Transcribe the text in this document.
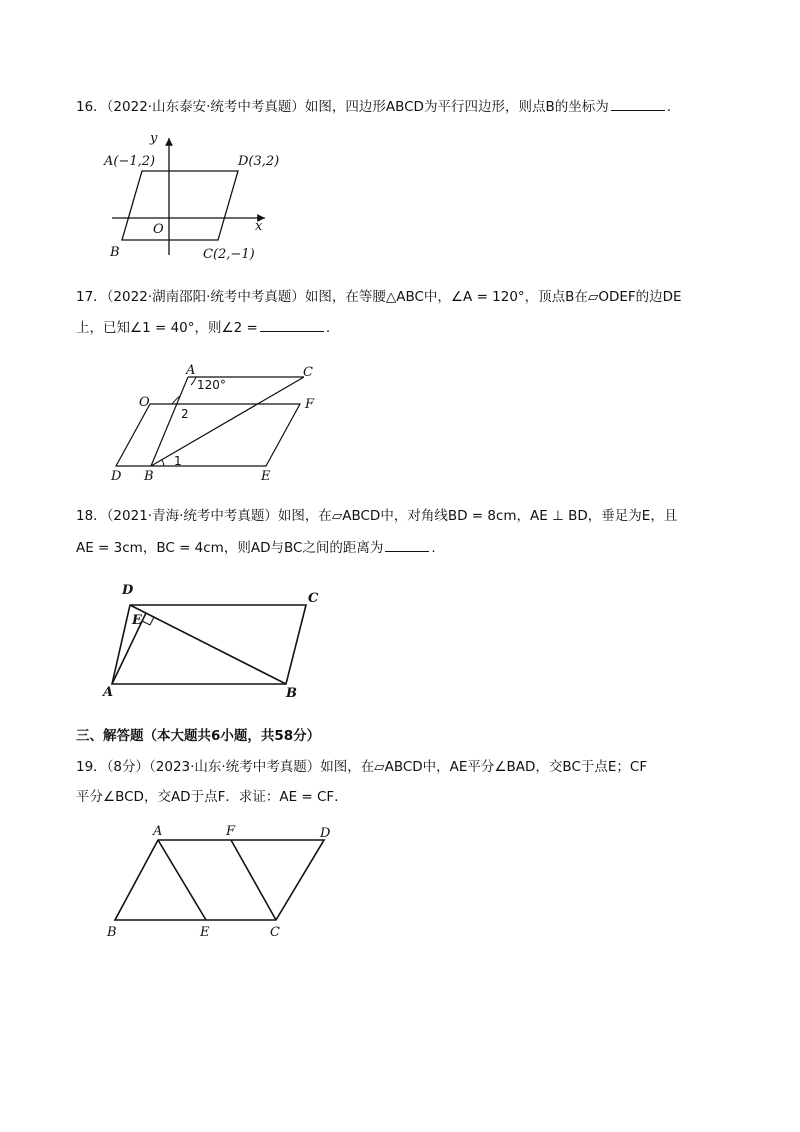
16．（2022·山东泰安·统考中考真题）如图，四边形ABCD为平行四边形，则点B的坐标为	.
y
x
A(−1,2)	D(3,2)
O
B	C(2,−1)
17．（2022·湖南邵阳·统考中考真题）如图，在等腰△ABC中，∠A = 120°，顶点B在▱ODEF的边DE
上，已知∠1 = 40°，则∠2 =	.
A	C
120°
O	F
2
1
D B	E
18．（2021·青海·统考中考真题）如图，在▱ABCD中，对角线BD = 8cm，AE ⊥ BD，垂足为E，且
AE = 3cm，BC = 4cm，则AD与BC之间的距离为	.
D
C
E
A	B
三、解答题（本大题共6小题，共58分）
19．（8分）（2023·山东·统考中考真题）如图，在▱ABCD中，AE平分∠BAD，交BC于点E；CF
平分∠BCD，交AD于点F．求证：AE = CF．
A	F	D
B	E	C
